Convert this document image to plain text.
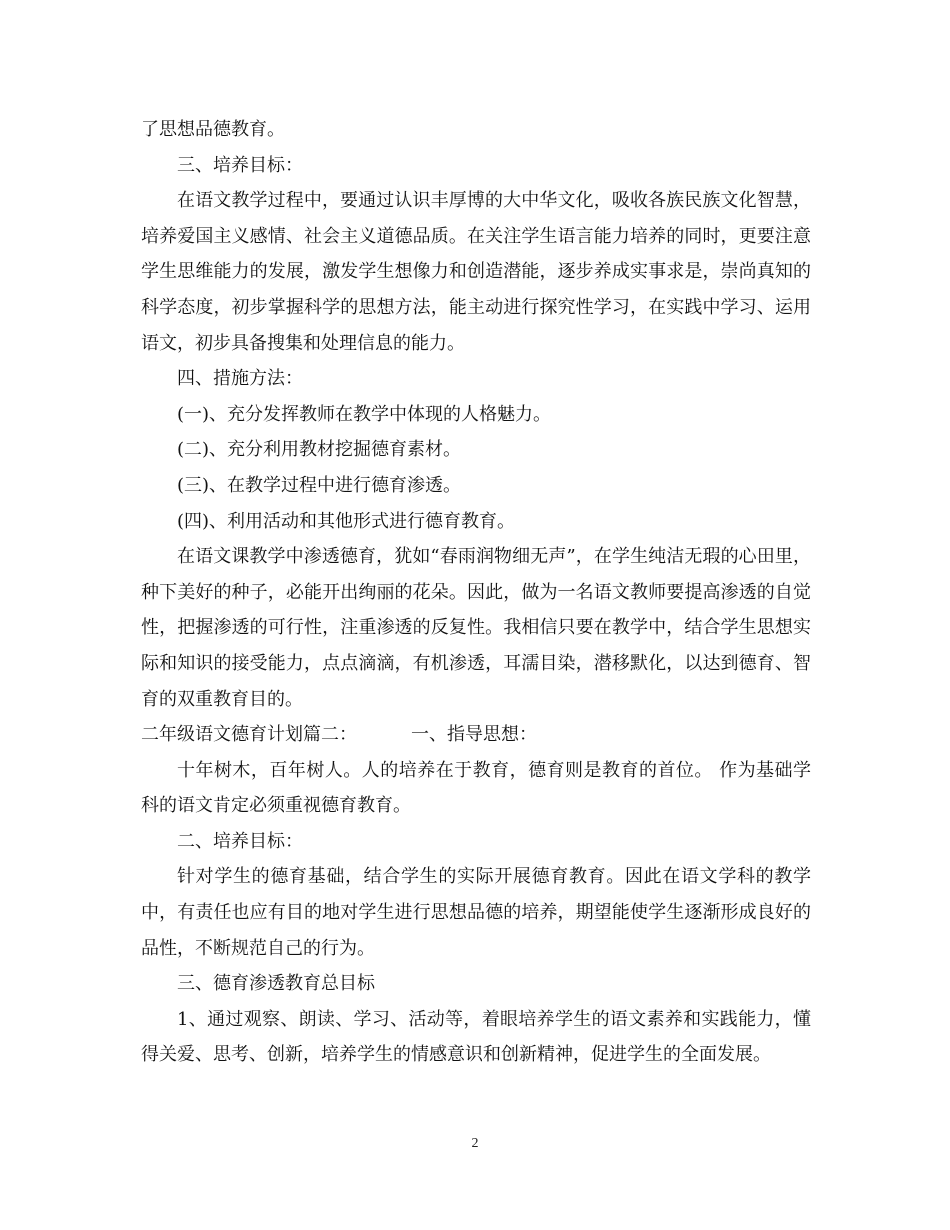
了思想品德教育。

三、培养目标：

在语文教学过程中，要通过认识丰厚博的大中华文化，吸收各族民族文化智慧，培养爱国主义感情、社会主义道德品质。在关注学生语言能力培养的同时，更要注意学生思维能力的发展，激发学生想像力和创造潜能，逐步养成实事求是，崇尚真知的科学态度，初步掌握科学的思想方法，能主动进行探究性学习，在实践中学习、运用语文，初步具备搜集和处理信息的能力。

四、措施方法：

(一)、充分发挥教师在教学中体现的人格魅力。

(二)、充分利用教材挖掘德育素材。

(三)、在教学过程中进行德育渗透。

(四)、利用活动和其他形式进行德育教育。

在语文课教学中渗透德育，犹如“春雨润物细无声”，在学生纯洁无瑕的心田里，种下美好的种子，必能开出绚丽的花朵。因此，做为一名语文教师要提高渗透的自觉性，把握渗透的可行性，注重渗透的反复性。我相信只要在教学中，结合学生思想实际和知识的接受能力，点点滴滴，有机渗透，耳濡目染，潜移默化，以达到德育、智育的双重教育目的。

二年级语文德育计划篇二：	一、指导思想：

十年树木，百年树人。人的培养在于教育，德育则是教育的首位。 作为基础学科的语文肯定必须重视德育教育。

二、培养目标：

针对学生的德育基础，结合学生的实际开展德育教育。因此在语文学科的教学中，有责任也应有目的地对学生进行思想品德的培养，期望能使学生逐渐形成良好的品性，不断规范自己的行为。

三、德育渗透教育总目标

1、通过观察、朗读、学习、活动等，着眼培养学生的语文素养和实践能力，懂得关爱、思考、创新，培养学生的情感意识和创新精神，促进学生的全面发展。

2
